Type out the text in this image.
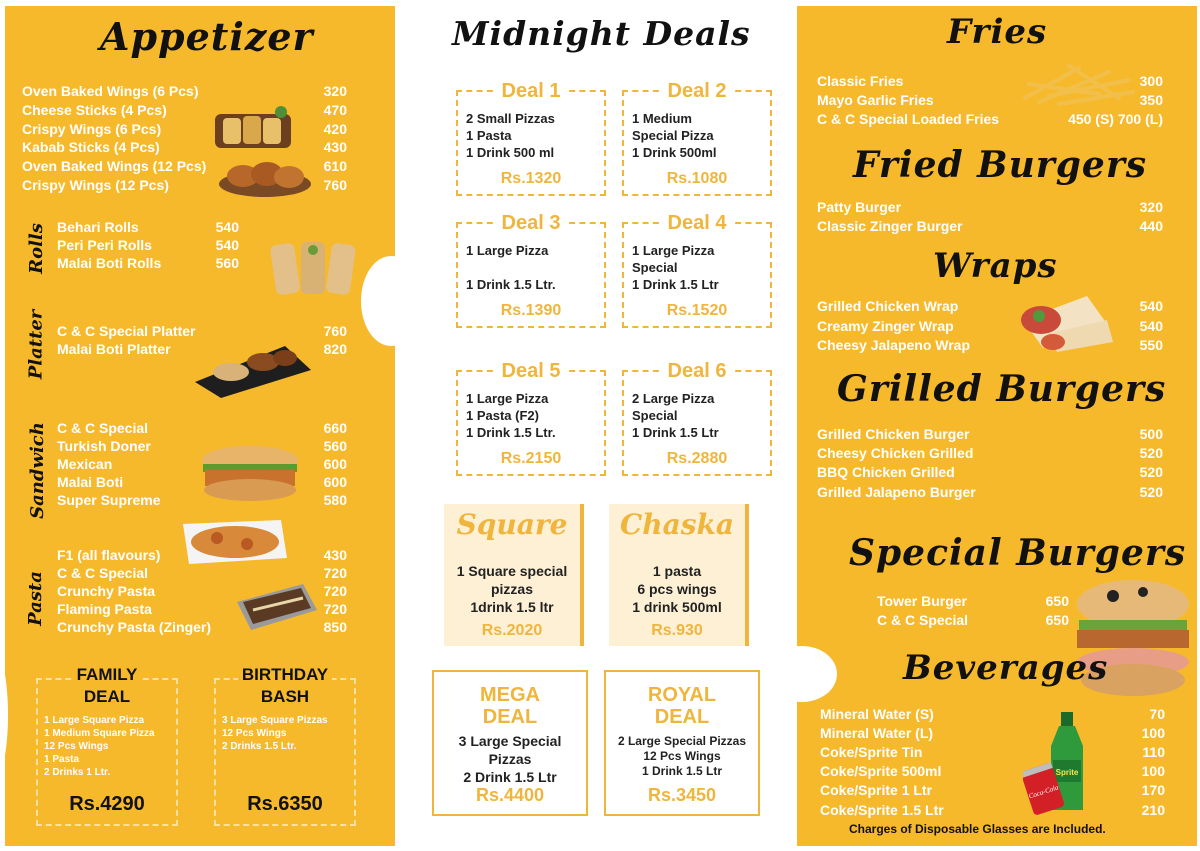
Appetizer
Oven Baked Wings (6 Pcs)	320
Cheese Sticks (4 Pcs)	470
Crispy Wings (6 Pcs)	420
Kabab Sticks (4 Pcs)	430
Oven Baked Wings (12 Pcs)	610
Crispy Wings (12 Pcs)	760
Rolls Behari Rolls	540
Peri Peri Rolls	540
Malai Boti Rolls	560
Platter C & C Special Platter	760
Malai Boti Platter	820
Sandwich C & C Special	660
Turkish Doner	560
Mexican	600
Malai Boti	600
Super Supreme	580
Pasta
F1 (all flavours)	430
C & C Special	720
Crunchy Pasta	720
Flaming Pasta	720
Crunchy Pasta (Zinger)	850
FAMILY
DEAL
1 Large Square Pizza
1 Medium Square Pizza
12 Pcs Wings
1 Pasta
2 Drinks 1 Ltr.
Rs.4290
BIRTHDAY
BASH
3 Large Square Pizzas
12 Pcs Wings
2 Drinks 1.5 Ltr.
Rs.6350
Midnight Deals
Deal 1
2 Small Pizzas
1 Pasta
1 Drink 500 ml
Rs.1320
Deal 2
1 Medium
Special Pizza
1 Drink 500ml
Rs.1080
Deal 3
1 Large Pizza
1 Drink 1.5 Ltr.
Rs.1390
Deal 4
1 Large Pizza
Special
1 Drink 1.5 Ltr
Rs.1520
Deal 5
1 Large Pizza
1 Pasta (F2)
1 Drink 1.5 Ltr.
Rs.2150
Deal 6
2 Large Pizza
Special
1 Drink 1.5 Ltr
Rs.2880
Square
1 Square special
pizzas
1drink 1.5 ltr
Rs.2020
Chaska
1 pasta
6 pcs wings
1 drink 500ml
Rs.930
MEGA
DEAL
3 Large Special
Pizzas
2 Drink 1.5 Ltr
Rs.4400
ROYAL
DEAL
2 Large Special Pizzas
12 Pcs Wings
1 Drink 1.5 Ltr
Rs.3450
Fries
Classic Fries	300
Mayo Garlic Fries	350
C & C Special Loaded Fries	450 (S) 700 (L)
Fried Burgers
Patty Burger	320
Classic Zinger Burger	440
Wraps
Grilled Chicken Wrap	540
Creamy Zinger Wrap	540
Cheesy Jalapeno Wrap	550
Grilled Burgers
Grilled Chicken Burger	500
Cheesy Chicken Grilled	520
BBQ Chicken Grilled	520
Grilled Jalapeno Burger	520
Special Burgers
Tower Burger	650
C & C Special	650
Beverages
Mineral Water (S)	70
Mineral Water (L)	100
Coke/Sprite Tin	110
Coke/Sprite 500ml	100
Coke/Sprite 1 Ltr	170
Coke/Sprite 1.5 Ltr	210
Sprite
Coca-Cola
Charges of Disposable Glasses are Included.
